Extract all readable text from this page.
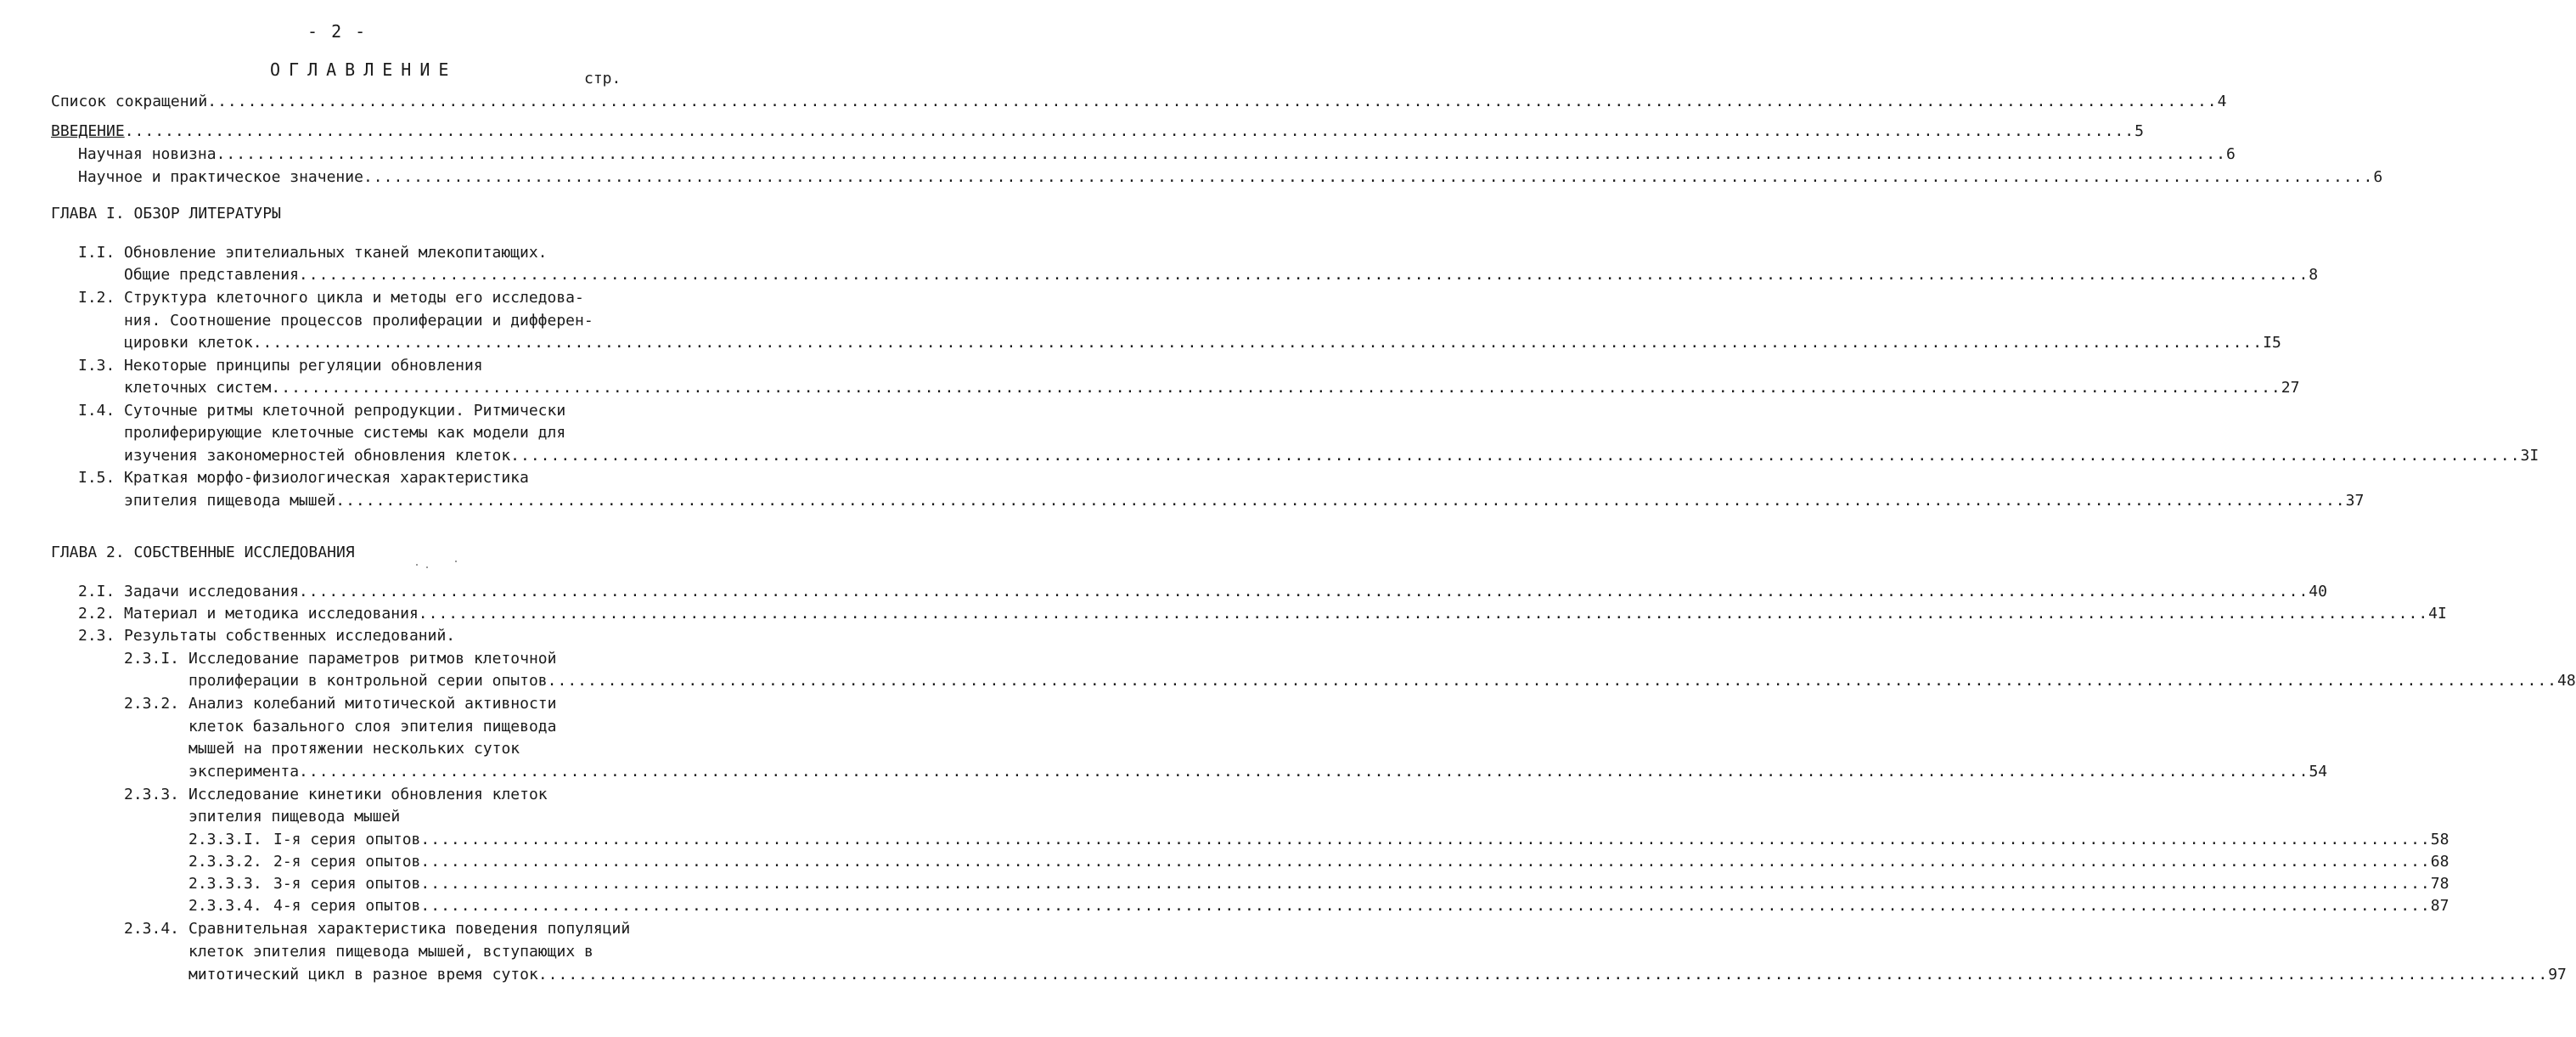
- 2 -
ОГЛАВЛЕНИЕ	стр.
Список сокращений ........................................................................................................................................................................................................ 4
ВВЕДЕНИЕ ........................................................................................................................................................................................................ 5
Научная новизна ........................................................................................................................................................................................................ 6
Научное и практическое значение ........................................................................................................................................................................................................ 6
ГЛАВА I. ОБЗОР ЛИТЕРАТУРЫ
I.I. Обновление эпителиальных тканей млекопитающих.
Общие представления ........................................................................................................................................................................................................ 8
I.2. Структура клеточного цикла и методы его исследова-
ния. Соотношение процессов пролиферации и дифферен-
цировки клеток ........................................................................................................................................................................................................ I5
I.3. Некоторые принципы регуляции обновления
клеточных систем ........................................................................................................................................................................................................ 27
I.4. Суточные ритмы клеточной репродукции. Ритмически
пролиферирующие клеточные системы как модели для
изучения закономерностей обновления клеток ........................................................................................................................................................................................................ 3I
I.5. Краткая морфо-физиологическая характеристика
эпителия пищевода мышей ........................................................................................................................................................................................................ 37
ГЛАВА 2. СОБСТВЕННЫЕ ИССЛЕДОВАНИЯ
2.I. Задачи исследования ........................................................................................................................................................................................................ 40
2.2. Материал и методика исследования ........................................................................................................................................................................................................ 4I
2.3. Результаты собственных исследований.
2.3.I. Исследование параметров ритмов клеточной
пролиферации в контрольной серии опытов ........................................................................................................................................................................................................ 48
2.3.2. Анализ колебаний митотической активности
клеток базального слоя эпителия пищевода
мышей на протяжении нескольких суток
эксперимента ........................................................................................................................................................................................................ 54
2.3.3. Исследование кинетики обновления клеток
эпителия пищевода мышей
2.3.3.I. I-я серия опытов ........................................................................................................................................................................................................ 58
2.3.3.2. 2-я серия опытов ........................................................................................................................................................................................................ 68
2.3.3.3. 3-я серия опытов ........................................................................................................................................................................................................ 78
2.3.3.4. 4-я серия опытов ........................................................................................................................................................................................................ 87
2.3.4. Сравнительная характеристика поведения популяций
клеток эпителия пищевода мышей, вступающих в
митотический цикл в разное время суток ........................................................................................................................................................................................................ 97
